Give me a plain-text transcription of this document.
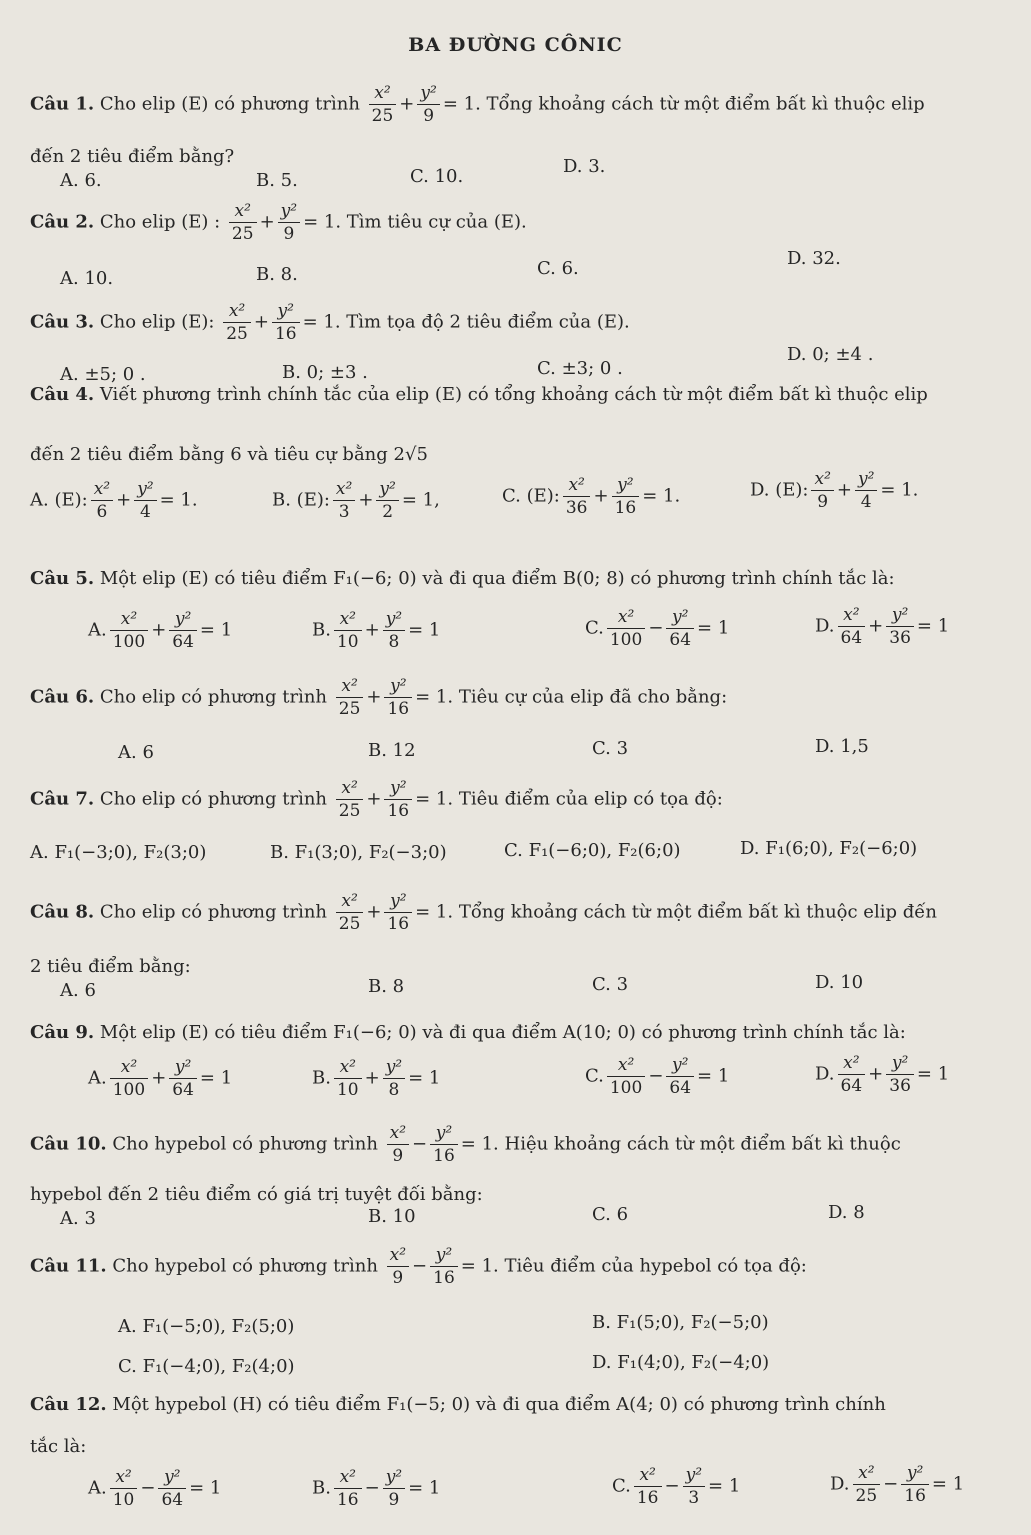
BA ĐƯỜNG CÔNIC
Câu 1. Cho elip (E) có phương trình $\frac{\text{x²}}{25} + \frac{\text{y²}}{9} = 1$. Tổng khoảng cách từ một điểm bất kì thuộc elip
đến 2 tiêu điểm bằng?
A. 6.	B. 5.	C. 10.	D. 3.
Câu 2. Cho elip (E) : $\frac{\text{x²}}{25} + \frac{\text{y²}}{9} = 1$. Tìm tiêu cự của (E).
A. 10.	B. 8.	C. 6.	D. 32.
Câu 3. Cho elip (E): $\frac{\text{x²}}{25} + \frac{\text{y²}}{16} = 1$. Tìm tọa độ 2 tiêu điểm của (E).
A. ±5; 0 .	B. 0; ±3 .	C. ±3; 0 .
D. 0; ±4 .
Câu 4. Viết phương trình chính tắc của elip (E) có tổng khoảng cách từ một điểm bất kì thuộc elip
đến 2 tiêu điểm bằng 6 và tiêu cự bằng 2√5
A. (E): $\frac{\text{x²}}{6} + \frac{\text{y²}}{4} = 1$.	B. (E): $\frac{\text{x²}}{3} + \frac{\text{y²}}{2} = 1$,	C. (E): $\frac{\text{x²}}{36} + \frac{\text{y²}}{16} = 1$.	D. (E): $\frac{\text{x²}}{9} + \frac{\text{y²}}{4} = 1$.
Câu 5. Một elip (E) có tiêu điểm F₁(−6; 0) và đi qua điểm B(0; 8) có phương trình chính tắc là:
A. $\frac{\text{x²}}{100} + \frac{\text{y²}}{64} = 1$	B. $\frac{\text{x²}}{10} + \frac{\text{y²}}{8} = 1$	C. $\frac{\text{x²}}{100} - \frac{\text{y²}}{64} = 1$	D. $\frac{\text{x²}}{64} + \frac{\text{y²}}{36} = 1$
Câu 6. Cho elip có phương trình $\frac{\text{x²}}{25} + \frac{\text{y²}}{16} = 1$. Tiêu cự của elip đã cho bằng:
A. 6	B. 12	C. 3	D. 1,5
Câu 7. Cho elip có phương trình $\frac{\text{x²}}{25} + \frac{\text{y²}}{16} = 1$. Tiêu điểm của elip có tọa độ:
A. F₁(−3;0), F₂(3;0)	B. F₁(3;0), F₂(−3;0)	C. F₁(−6;0), F₂(6;0)	D. F₁(6;0), F₂(−6;0)
Câu 8. Cho elip có phương trình $\frac{\text{x²}}{25} + \frac{\text{y²}}{16} = 1$. Tổng khoảng cách từ một điểm bất kì thuộc elip đến
2 tiêu điểm bằng:
A. 6	B. 8	C. 3	D. 10
Câu 9. Một elip (E) có tiêu điểm F₁(−6; 0) và đi qua điểm A(10; 0) có phương trình chính tắc là:
A. $\frac{\text{x²}}{100} + \frac{\text{y²}}{64} = 1$	B. $\frac{\text{x²}}{10} + \frac{\text{y²}}{8} = 1$	C. $\frac{\text{x²}}{100} - \frac{\text{y²}}{64} = 1$	D. $\frac{\text{x²}}{64} + \frac{\text{y²}}{36} = 1$
Câu 10. Cho hypebol có phương trình $\frac{\text{x²}}{9} - \frac{\text{y²}}{16} = 1$. Hiệu khoảng cách từ một điểm bất kì thuộc
hypebol đến 2 tiêu điểm có giá trị tuyệt đối bằng:
A. 3	B. 10	C. 6	D. 8
Câu 11. Cho hypebol có phương trình $\frac{\text{x²}}{9} - \frac{\text{y²}}{16} = 1$. Tiêu điểm của hypebol có tọa độ:
A. F₁(−5;0), F₂(5;0)	B. F₁(5;0), F₂(−5;0)
C. F₁(−4;0), F₂(4;0)	D. F₁(4;0), F₂(−4;0)
Câu 12. Một hypebol (H) có tiêu điểm F₁(−5; 0) và đi qua điểm A(4; 0) có phương trình chính
tắc là:
A. $\frac{\text{x²}}{10} - \frac{\text{y²}}{64} = 1$	B. $\frac{\text{x²}}{16} - \frac{\text{y²}}{9} = 1$	C. $\frac{\text{x²}}{16} - \frac{\text{y²}}{3} = 1$	D. $\frac{\text{x²}}{25} - \frac{\text{y²}}{16} = 1$
